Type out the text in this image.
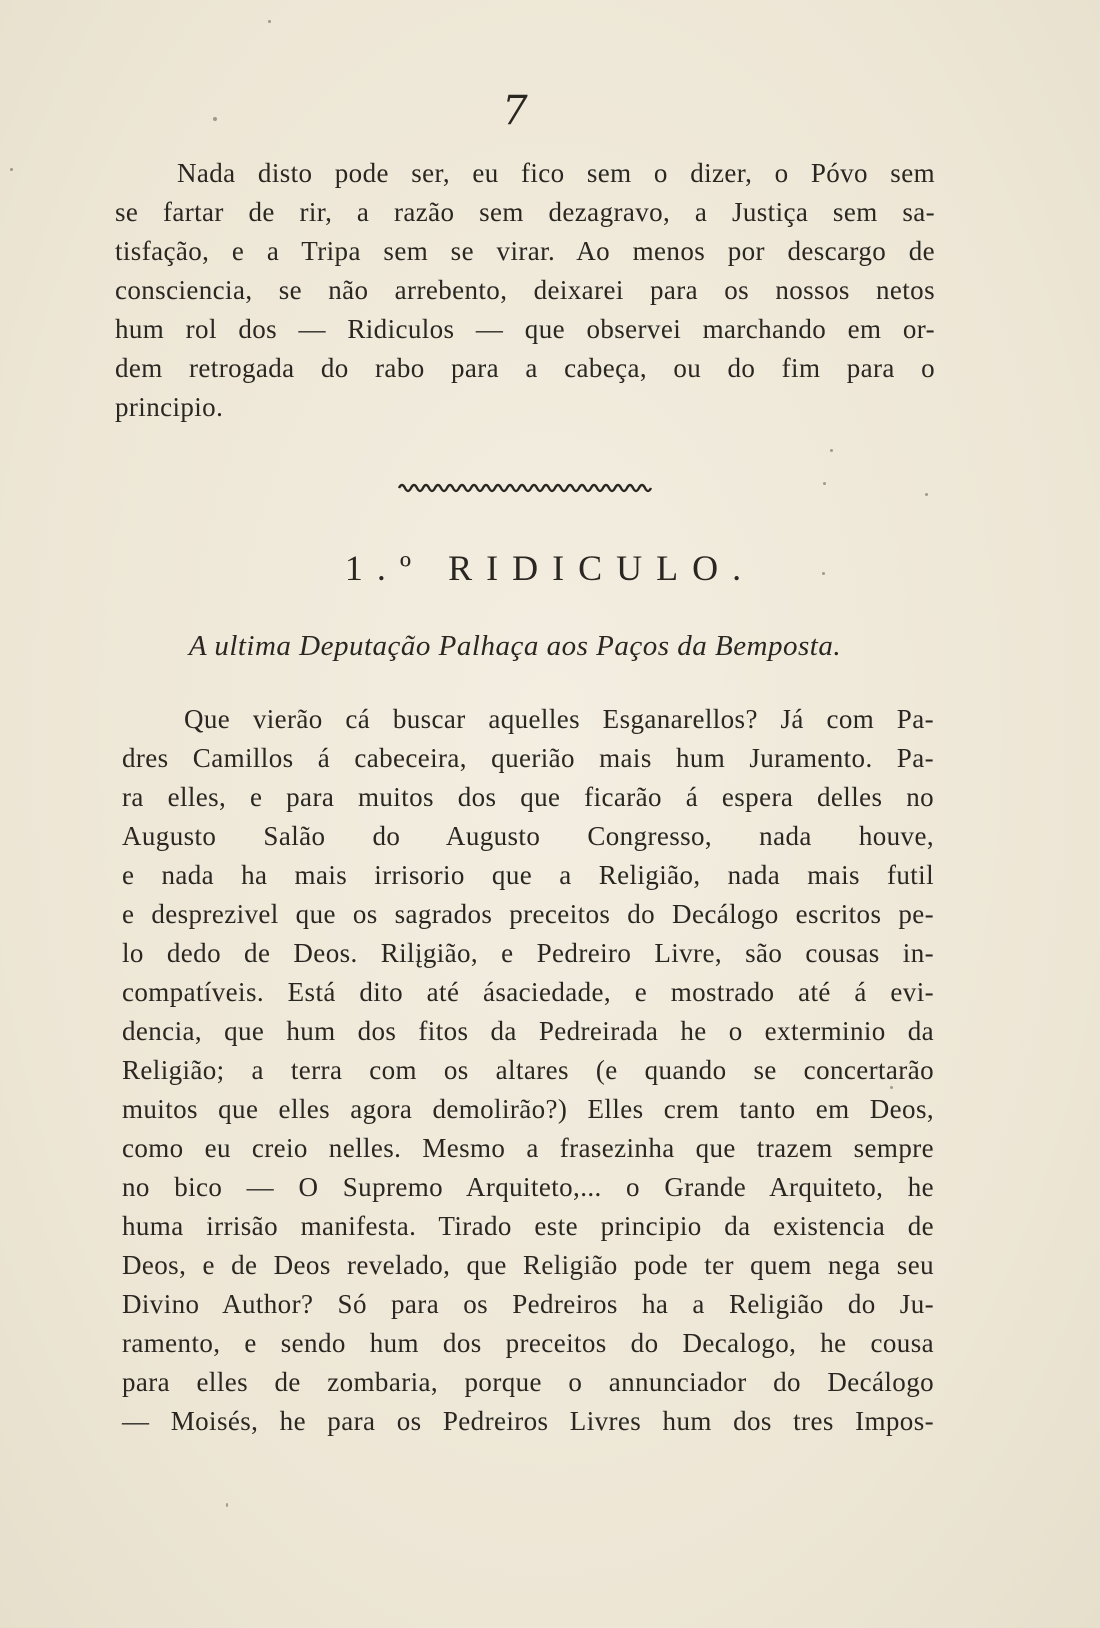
7
Nada disto pode ser, eu fico sem o dizer, o Póvo sem
se fartar de rir, a razão sem dezagravo, a Justiça sem sa-
tisfação, e a Tripa sem se virar. Ao menos por descargo de
consciencia, se não arrebento, deixarei para os nossos netos
hum rol dos — Ridiculos — que observei marchando em or-
dem retrogada do rabo para a cabeça, ou do fim para o
principio.
1.º RIDICULO.
A ultima Deputação Palhaça aos Paços da Bemposta.
Que vierão cá buscar aquelles Esganarellos? Já com Pa-
dres Camillos á cabeceira, querião mais hum Juramento. Pa-
ra elles, e para muitos dos que ficarão á espera delles no
Augusto Salão do Augusto Congresso, nada houve,
e nada ha mais irrisorio que a Religião, nada mais futil
e desprezivel que os sagrados preceitos do Decálogo escritos pe-
lo dedo de Deos. Rilįgião, e Pedreiro Livre, são cousas in-
compatíveis. Está dito até ásaciedade, e mostrado até á evi-
dencia, que hum dos fitos da Pedreirada he o exterminio da
Religião; a terra com os altares (e quando se concertarão
muitos que elles agora demolirão?) Elles crem tanto em Deos,
como eu creio nelles. Mesmo a frasezinha que trazem sempre
no bico — O Supremo Arquiteto,... o Grande Arquiteto, he
huma irrisão manifesta. Tirado este principio da existencia de
Deos, e de Deos revelado, que Religião pode ter quem nega seu
Divino Author? Só para os Pedreiros ha a Religião do Ju-
ramento, e sendo hum dos preceitos do Decalogo, he cousa
para elles de zombaria, porque o annunciador do Decálogo
— Moisés, he para os Pedreiros Livres hum dos tres Impos-
